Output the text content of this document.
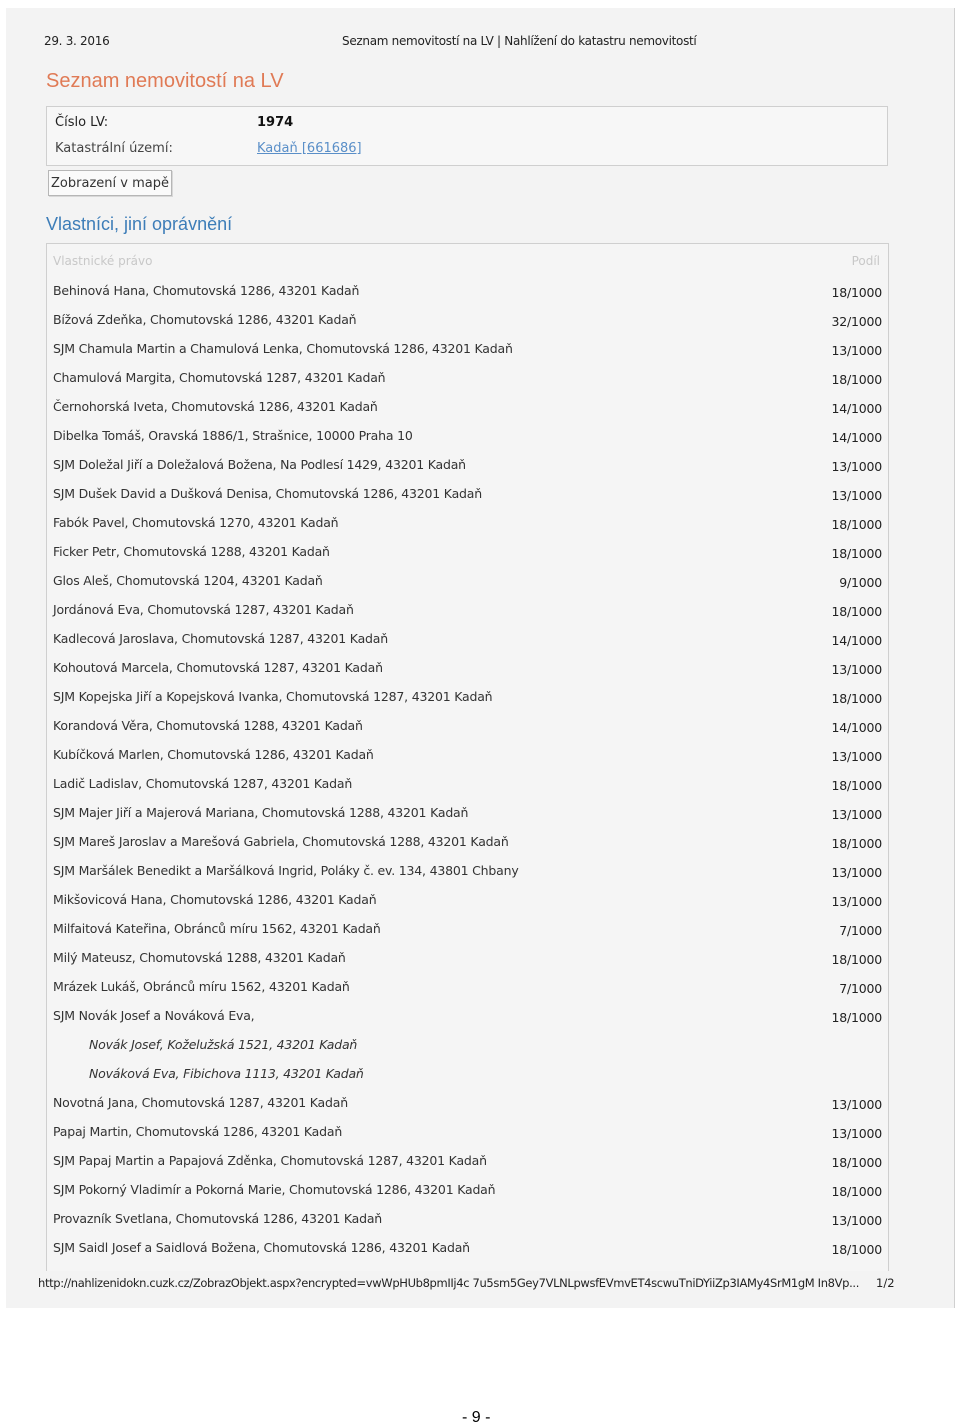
29. 3. 2016	Seznam nemovitostí na LV | Nahlížení do katastru nemovitostí
Seznam nemovitostí na LV
Číslo LV:	1974
Katastrální území:	Kadaň [661686]
Zobrazení v mapě
Vlastníci, jiní oprávnění
Vlastnické právo	Podíl
Behinová Hana, Chomutovská 1286, 43201 Kadaň	18/1000
Bížová Zdeňka, Chomutovská 1286, 43201 Kadaň	32/1000
SJM Chamula Martin a Chamulová Lenka, Chomutovská 1286, 43201 Kadaň	13/1000
Chamulová Margita, Chomutovská 1287, 43201 Kadaň	18/1000
Černohorská Iveta, Chomutovská 1286, 43201 Kadaň	14/1000
Dibelka Tomáš, Oravská 1886/1, Strašnice, 10000 Praha 10	14/1000
SJM Doležal Jiří a Doležalová Božena, Na Podlesí 1429, 43201 Kadaň	13/1000
SJM Dušek David a Dušková Denisa, Chomutovská 1286, 43201 Kadaň	13/1000
Fabók Pavel, Chomutovská 1270, 43201 Kadaň	18/1000
Ficker Petr, Chomutovská 1288, 43201 Kadaň	18/1000
Glos Aleš, Chomutovská 1204, 43201 Kadaň	9/1000
Jordánová Eva, Chomutovská 1287, 43201 Kadaň	18/1000
Kadlecová Jaroslava, Chomutovská 1287, 43201 Kadaň	14/1000
Kohoutová Marcela, Chomutovská 1287, 43201 Kadaň	13/1000
SJM Kopejska Jiří a Kopejsková Ivanka, Chomutovská 1287, 43201 Kadaň	18/1000
Korandová Věra, Chomutovská 1288, 43201 Kadaň	14/1000
Kubíčková Marlen, Chomutovská 1286, 43201 Kadaň	13/1000
Ladič Ladislav, Chomutovská 1287, 43201 Kadaň	18/1000
SJM Majer Jiří a Majerová Mariana, Chomutovská 1288, 43201 Kadaň	13/1000
SJM Mareš Jaroslav a Marešová Gabriela, Chomutovská 1288, 43201 Kadaň	18/1000
SJM Maršálek Benedikt a Maršálková Ingrid, Poláky č. ev. 134, 43801 Chbany	13/1000
Mikšovicová Hana, Chomutovská 1286, 43201 Kadaň	13/1000
Milfaitová Kateřina, Obránců míru 1562, 43201 Kadaň	7/1000
Milý Mateusz, Chomutovská 1288, 43201 Kadaň	18/1000
Mrázek Lukáš, Obránců míru 1562, 43201 Kadaň	7/1000
SJM Novák Josef a Nováková Eva,	18/1000
Novák Josef, Koželužská 1521, 43201 Kadaň
Nováková Eva, Fibichova 1113, 43201 Kadaň
Novotná Jana, Chomutovská 1287, 43201 Kadaň	13/1000
Papaj Martin, Chomutovská 1286, 43201 Kadaň	13/1000
SJM Papaj Martin a Papajová Zděnka, Chomutovská 1287, 43201 Kadaň	18/1000
SJM Pokorný Vladimír a Pokorná Marie, Chomutovská 1286, 43201 Kadaň	18/1000
Provazník Svetlana, Chomutovská 1286, 43201 Kadaň	13/1000
SJM Saidl Josef a Saidlová Božena, Chomutovská 1286, 43201 Kadaň	18/1000
http://nahlizenidokn.cuzk.cz/ZobrazObjekt.aspx?encrypted=vwWpHUb8pmIIj4c 7u5sm5Gey7VLNLpwsfEVmvET4scwuTniDYiiZp3IAMy4SrM1gM In8Vp... 1/2
- 9 -
